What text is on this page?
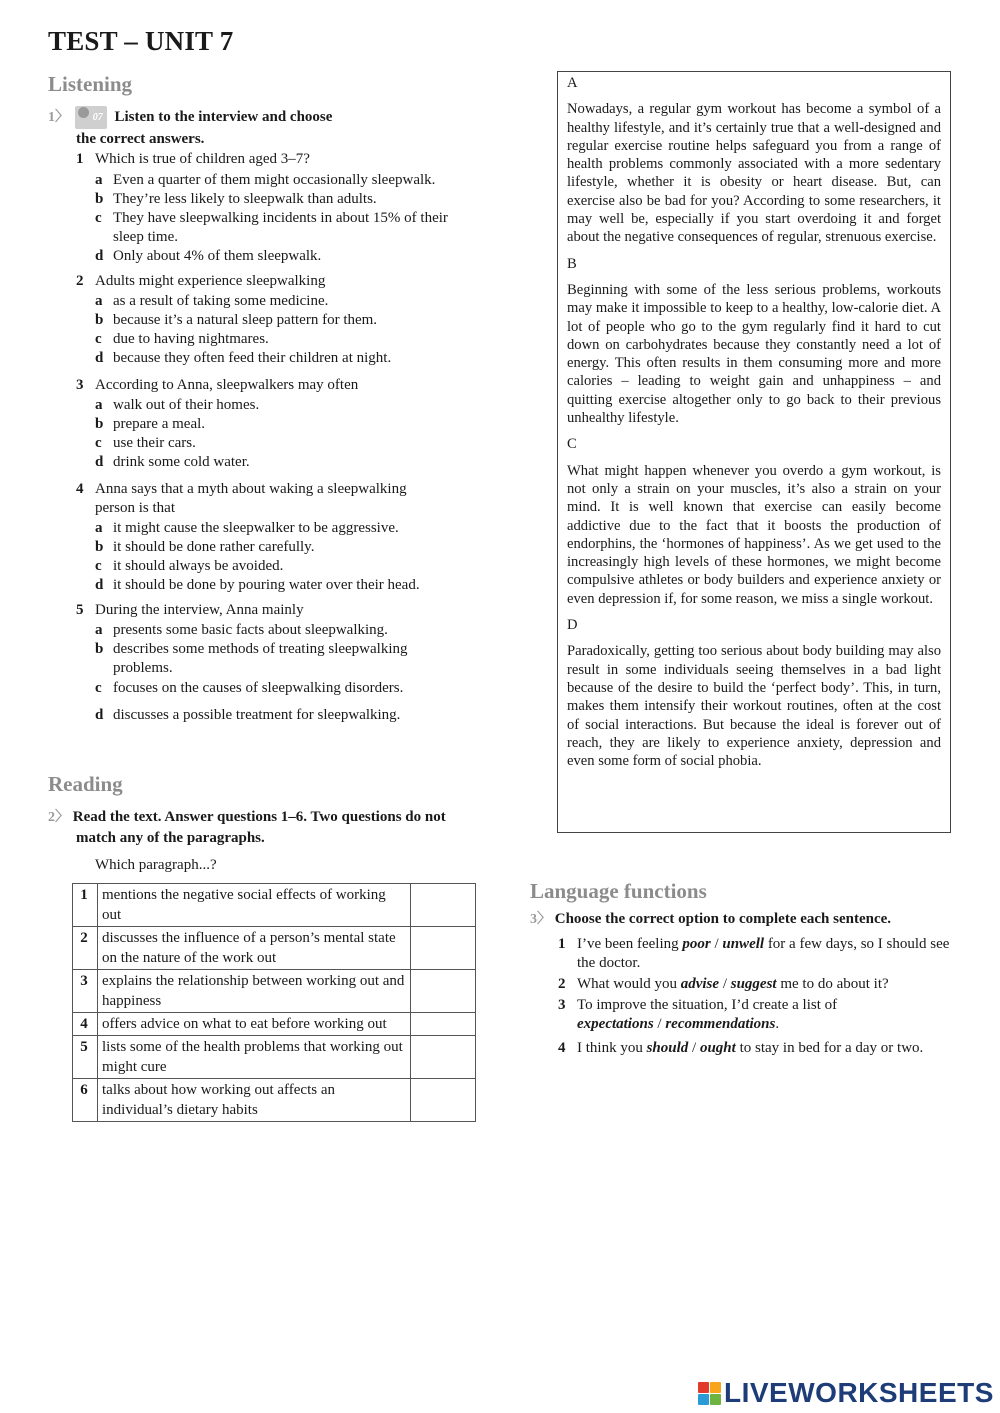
TEST – UNIT 7
Listening
1〉 07 Listen to the interview and choose
the correct answers.
1 Which is true of children aged 3–7?
a Even a quarter of them might occasionally sleepwalk.
b They’re less likely to sleepwalk than adults.
c They have sleepwalking incidents in about 15% of their sleep time.
d Only about 4% of them sleepwalk.
2 Adults might experience sleepwalking
a as a result of taking some medicine.
b because it’s a natural sleep pattern for them.
c due to having nightmares.
d because they often feed their children at night.
3 According to Anna, sleepwalkers may often
a walk out of their homes.
b prepare a meal.
c use their cars.
d drink some cold water.
4 Anna says that a myth about waking a sleepwalking person is that
a it might cause the sleepwalker to be aggressive.
b it should be done rather carefully.
c it should always be avoided.
d it should be done by pouring water over their head.
5 During the interview, Anna mainly
a presents some basic facts about sleepwalking.
b describes some methods of treating sleepwalking problems.
c focuses on the causes of sleepwalking disorders.
d discusses a possible treatment for sleepwalking.
Reading
2〉 Read the text. Answer questions 1–6. Two questions do not
match any of the paragraphs.
Which paragraph...?
1	mentions the negative social effects of working out	
2	discusses the influence of a person’s mental state on the nature of the work out	
3	explains the relationship between working out and happiness	
4	offers advice on what to eat before working out	
5	lists some of the health problems that working out might cure	
6	talks about how working out affects an individual’s dietary habits	
A
Nowadays, a regular gym workout has become a symbol of a healthy lifestyle, and it’s certainly true that a well-designed and regular exercise routine helps safeguard you from a range of health problems commonly associated with a more sedentary lifestyle, whether it is obesity or heart disease. But, can exercise also be bad for you? According to some researchers, it may well be, especially if you start overdoing it and forget about the negative consequences of regular, strenuous exercise.
B
Beginning with some of the less serious problems, workouts may make it impossible to keep to a healthy, low-calorie diet. A lot of people who go to the gym regularly find it hard to cut down on carbohydrates because they constantly need a lot of energy. This often results in them consuming more and more calories – leading to weight gain and unhappiness – and quitting exercise altogether only to go back to their previous unhealthy lifestyle.
C
What might happen whenever you overdo a gym workout, is not only a strain on your muscles, it’s also a strain on your mind. It is well known that exercise can easily become addictive due to the fact that it boosts the production of endorphins, the ‘hormones of happiness’. As we get used to the increasingly high levels of these hormones, we might become compulsive athletes or body builders and experience anxiety or even depression if, for some reason, we miss a single workout.
D
Paradoxically, getting too serious about body building may also result in some individuals seeing themselves in a bad light because of the desire to build the ‘perfect body’. This, in turn, makes them intensify their workout routines, often at the cost of social interactions. But because the ideal is forever out of reach, they are likely to experience anxiety, depression and even some form of social phobia.
Language functions
3〉 Choose the correct option to complete each sentence.
1 I’ve been feeling poor / unwell for a few days, so I should see the doctor.
2 What would you advise / suggest me to do about it?
3 To improve the situation, I’d create a list of
expectations / recommendations.
4 I think you should / ought to stay in bed for a day or two.
LIVEWORKSHEETS
